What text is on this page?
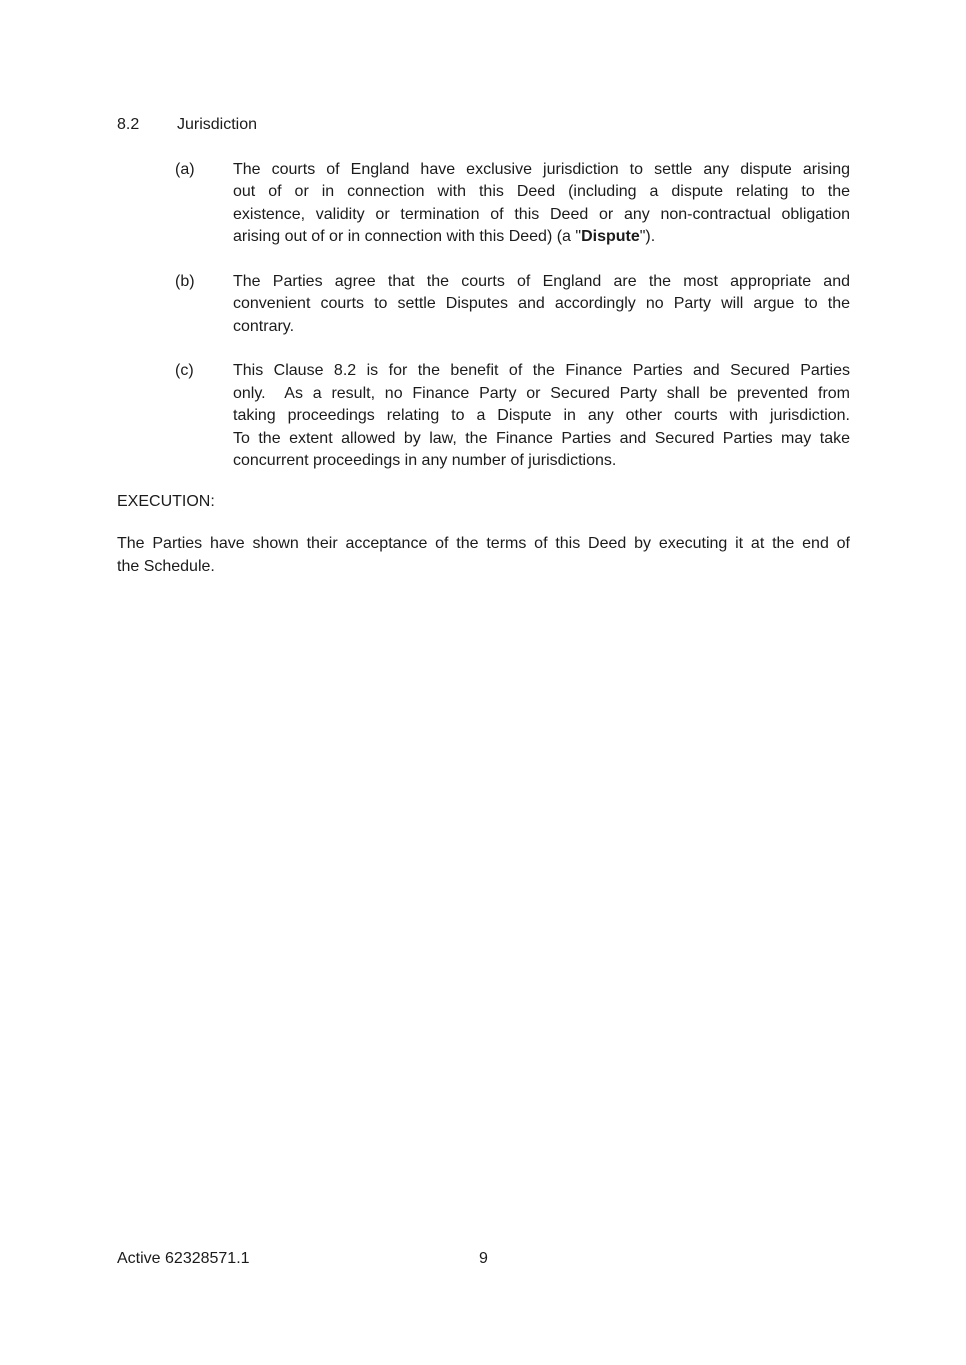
8.2	Jurisdiction
(a)	The courts of England have exclusive jurisdiction to settle any dispute arising
out of or in connection with this Deed (including a dispute relating to the
existence, validity or termination of this Deed or any non-contractual obligation
arising out of or in connection with this Deed) (a "Dispute").
(b)	The Parties agree that the courts of England are the most appropriate and
convenient courts to settle Disputes and accordingly no Party will argue to the
contrary.
(c)	This Clause 8.2 is for the benefit of the Finance Parties and Secured Parties
only.  As a result, no Finance Party or Secured Party shall be prevented from
taking proceedings relating to a Dispute in any other courts with jurisdiction.
To the extent allowed by law, the Finance Parties and Secured Parties may take
concurrent proceedings in any number of jurisdictions.
EXECUTION:
The Parties have shown their acceptance of the terms of this Deed by executing it at the end of
the Schedule.
Active 62328571.1	9
